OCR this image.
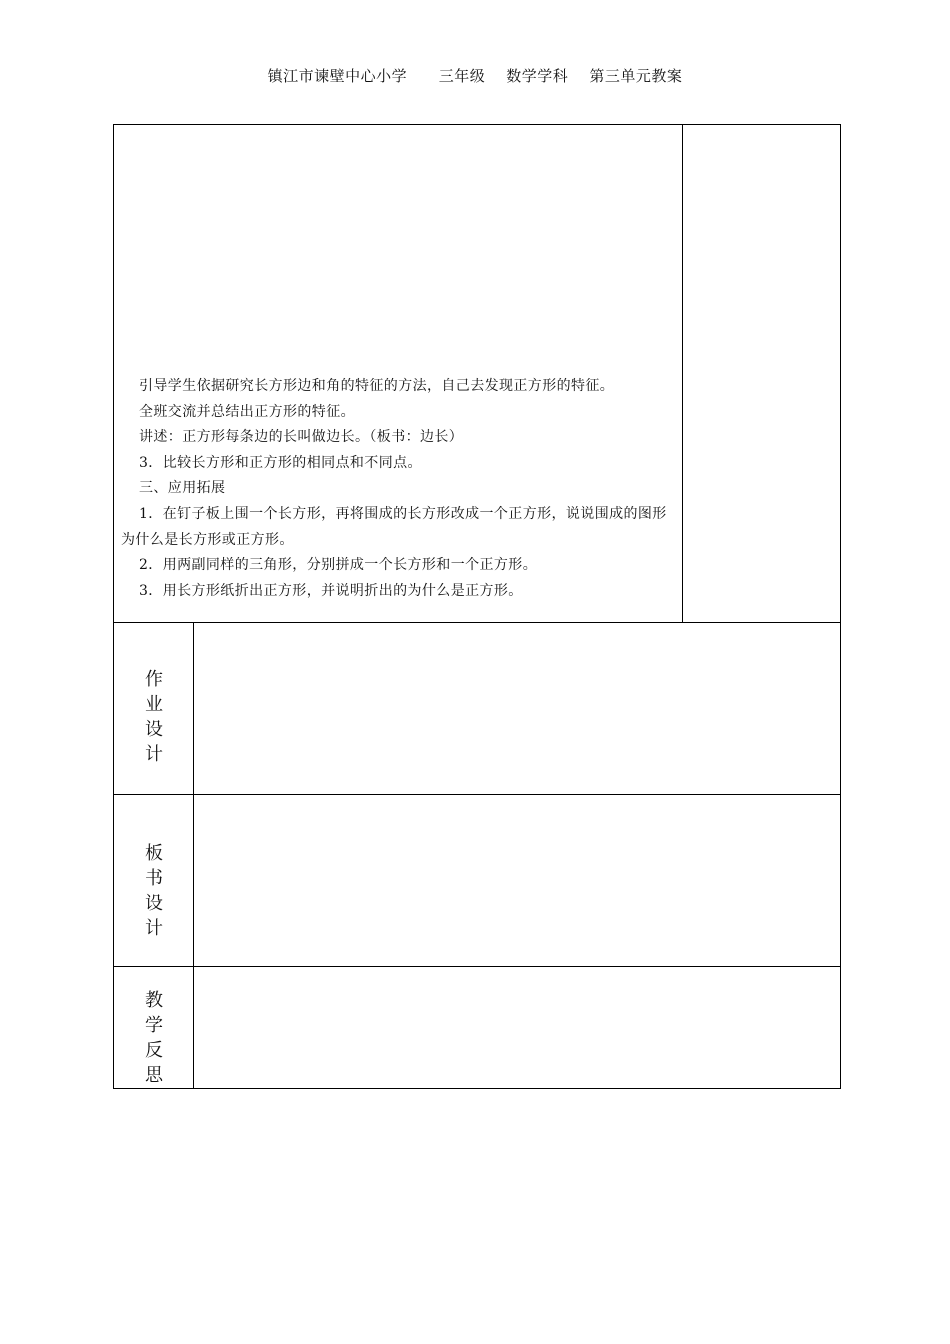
镇江市谏壁中心小学 三年级 数学学科 第三单元教案

引导学生依据研究长方形边和角的特征的方法，自己去发现正方形的特征。

全班交流并总结出正方形的特征。

讲述：正方形每条边的长叫做边长。（板书：边长）

3．比较长方形和正方形的相同点和不同点。

三、应用拓展

1．在钉子板上围一个长方形，再将围成的长方形改成一个正方形，说说围成的图形为什么是长方形或正方形。

2．用两副同样的三角形，分别拼成一个长方形和一个正方形。

3．用长方形纸折出正方形，并说明折出的为什么是正方形。

作
业
设
计
板
书
设
计
教
学
反
思
